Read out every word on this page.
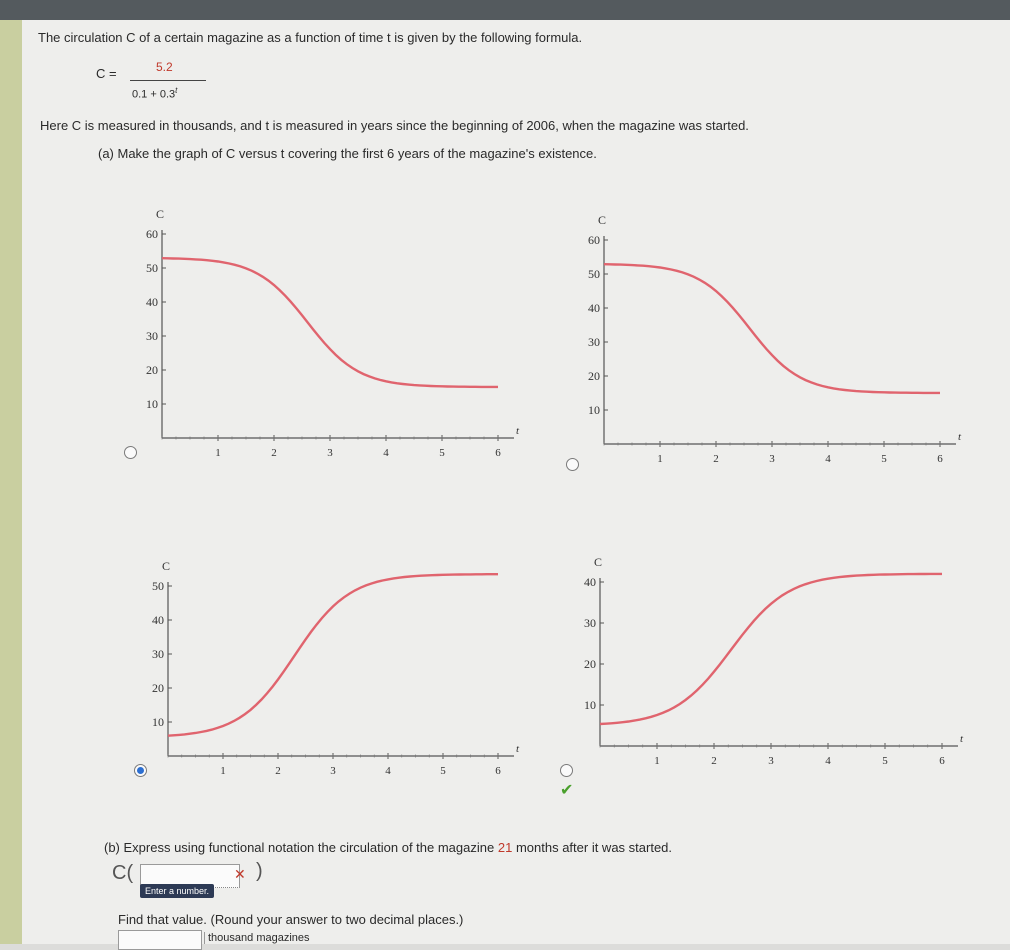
The circulation C of a certain magazine as a function of time t is given by the following formula.
C =	5.2
$0.1 + 0.3^t$
Here C is measured in thousands, and t is measured in years since the beginning of 2006, when the magazine was started.
(a) Make the graph of C versus t covering the first 6 years of the magazine's existence.
C
t
60
50
40
30
20
10
1	2	3	4	5	6
C
t
60
50
40
30
20
10
1	2	3	4	5	6
C
t
50
40
30
20
10
1	2	3	4	5	6
✔
C
t
40
30
20
10
1	2	3	4	5	6
(b) Express using functional notation the circulation of the magazine 21 months after it was started.
C(	✕ )
Enter a number.
Find that value. (Round your answer to two decimal places.)
thousand magazines
